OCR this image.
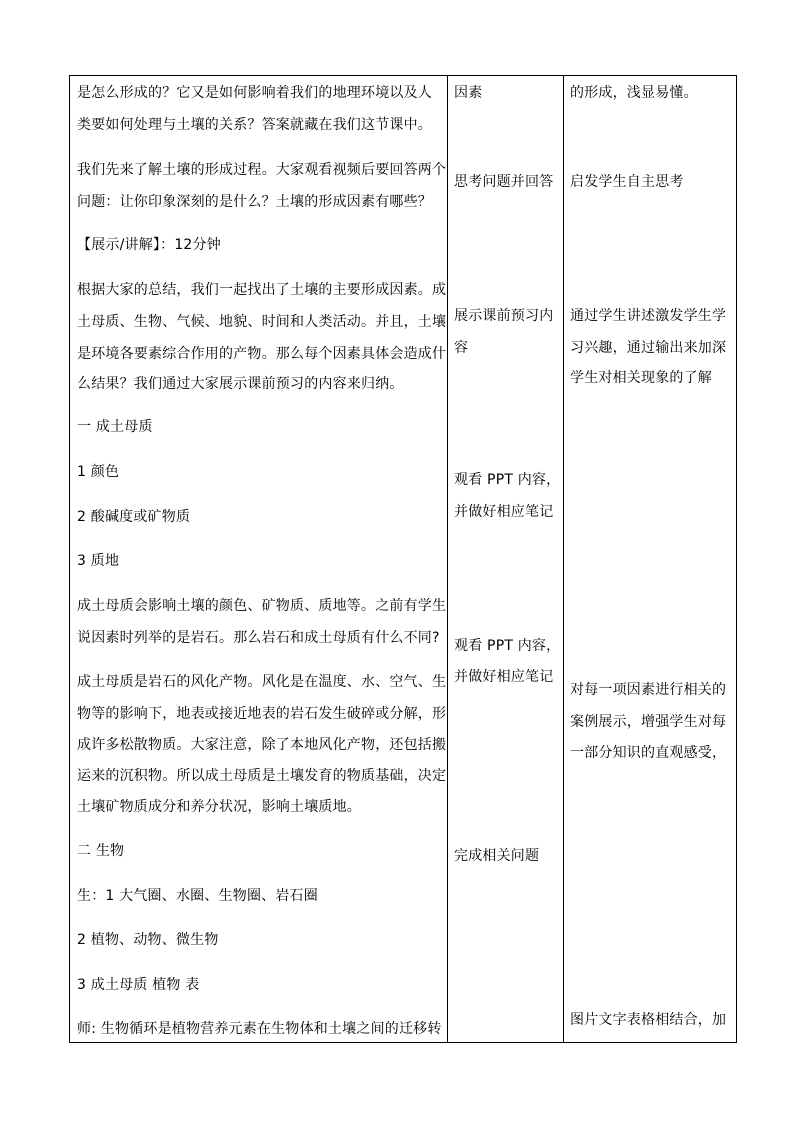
是怎么形成的？它又是如何影响着我们的地理环境以及人
类要如何处理与土壤的关系？答案就藏在我们这节课中。
我们先来了解土壤的形成过程。大家观看视频后要回答两个
问题：让你印象深刻的是什么？土壤的形成因素有哪些？
【展示/讲解】：12分钟
根据大家的总结，我们一起找出了土壤的主要形成因素。成
土母质、生物、气候、地貌、时间和人类活动。并且，土壤
是环境各要素综合作用的产物。那么每个因素具体会造成什
么结果？我们通过大家展示课前预习的内容来归纳。
一 成土母质
1 颜色
2 酸碱度或矿物质
3 质地
成土母质会影响土壤的颜色、矿物质、质地等。之前有学生
说因素时列举的是岩石。那么岩石和成土母质有什么不同?
成土母质是岩石的风化产物。风化是在温度、水、空气、生
物等的影响下，地表或接近地表的岩石发生破碎或分解，形
成许多松散物质。大家注意，除了本地风化产物，还包括搬
运来的沉积物。所以成土母质是土壤发育的物质基础，决定
土壤矿物质成分和养分状况，影响土壤质地。
二 生物
生：1 大气圈、水圈、生物圈、岩石圈
2 植物、动物、微生物
3 成土母质 植物 表
师: 生物循环是植物营养元素在生物体和土壤之间的迁移转
因素
思考问题并回答
展示课前预习内
容
观看 PPT 内容，
并做好相应笔记
观看 PPT 内容，
并做好相应笔记
完成相关问题
的形成，浅显易懂。
启发学生自主思考
通过学生讲述激发学生学
习兴趣，通过输出来加深
学生对相关现象的了解
对每一项因素进行相关的
案例展示，增强学生对每
一部分知识的直观感受，
图片文字表格相结合，加
